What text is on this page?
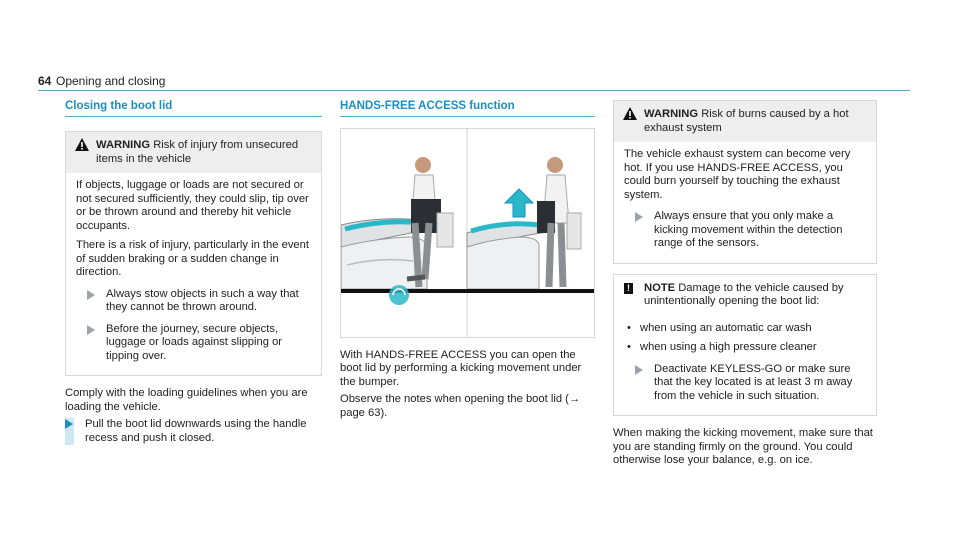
64 Opening and closing
Closing the boot lid
WARNING Risk of injury from unsecured items in the vehicle

If objects, luggage or loads are not secured or not secured sufficiently, they could slip, tip over or be thrown around and thereby hit vehicle occupants.

There is a risk of injury, particularly in the event of sudden braking or a sudden change in direction.

Always stow objects in such a way that they cannot be thrown around.
Before the journey, secure objects, luggage or loads against slipping or tipping over.

Comply with the loading guidelines when you are loading the vehicle.

Pull the boot lid downwards using the handle recess and push it closed.
HANDS-FREE ACCESS function

With HANDS-FREE ACCESS you can open the boot lid by performing a kicking movement under the bumper.

Observe the notes when opening the boot lid (→ page 63).

WARNING Risk of burns caused by a hot exhaust system

The vehicle exhaust system can become very hot. If you use HANDS-FREE ACCESS, you could burn yourself by touching the exhaust system.

Always ensure that you only make a kicking movement within the detection range of the sensors.
! NOTE Damage to the vehicle caused by unintentionally opening the boot lid:
• when using an automatic car wash
• when using a high pressure cleaner
Deactivate KEYLESS-GO or make sure that the key located is at least 3 m away from the vehicle in such situation.

When making the kicking movement, make sure that you are standing firmly on the ground. You could otherwise lose your balance, e.g. on ice.
